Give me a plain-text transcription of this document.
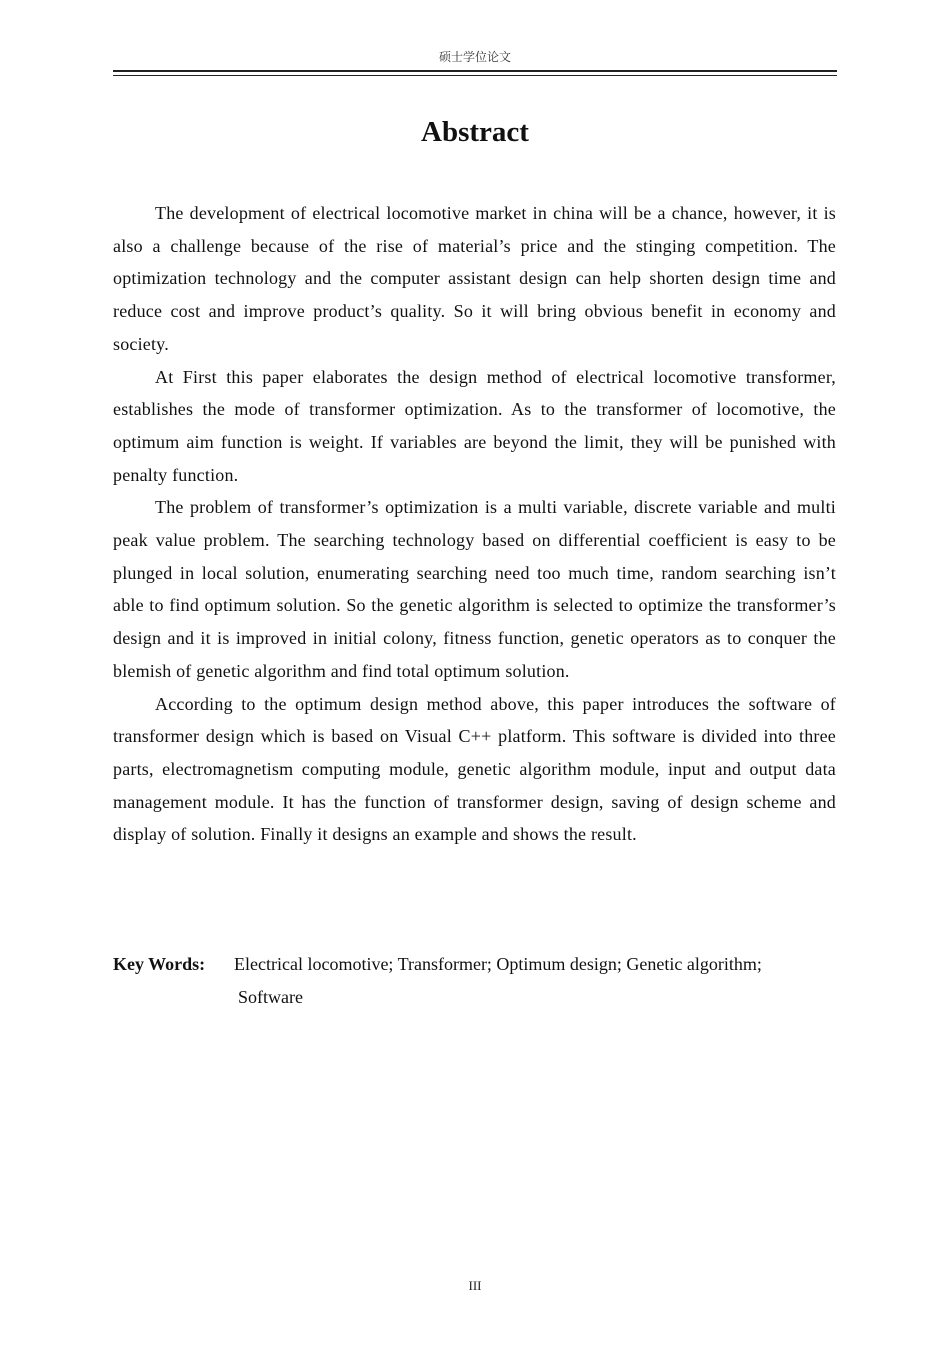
硕士学位论文
Abstract

The development of electrical locomotive market in china will be a chance, however, it is also a challenge because of the rise of material’s price and the stinging competition. The optimization technology and the computer assistant design can help shorten design time and reduce cost and improve product’s quality. So it will bring obvious benefit in economy and society.

At First this paper elaborates the design method of electrical locomotive transformer, establishes the mode of transformer optimization. As to the transformer of locomotive, the optimum aim function is weight. If variables are beyond the limit, they will be punished with penalty function.

The problem of transformer’s optimization is a multi variable, discrete variable and multi peak value problem. The searching technology based on differential coefficient is easy to be plunged in local solution, enumerating searching need too much time, random searching isn’t able to find optimum solution. So the genetic algorithm is selected to optimize the transformer’s design and it is improved in initial colony, fitness function, genetic operators as to conquer the blemish of genetic algorithm and find total optimum solution.

According to the optimum design method above, this paper introduces the software of transformer design which is based on Visual C++ platform. This software is divided into three parts, electromagnetism computing module, genetic algorithm module, input and output data management module. It has the function of transformer design, saving of design scheme and display of solution. Finally it designs an example and shows the result.

Key Words:	Electrical locomotive; Transformer; Optimum design; Genetic algorithm;
Software
III
